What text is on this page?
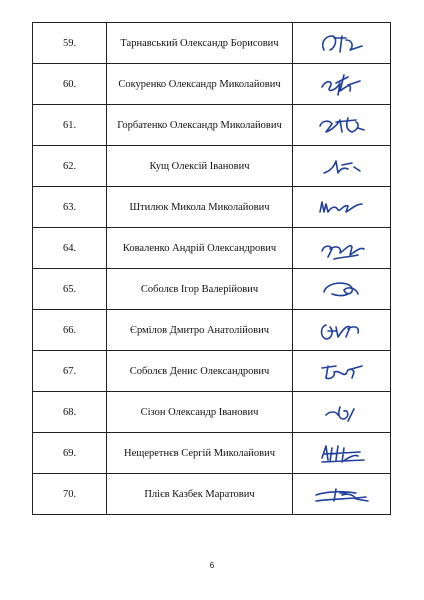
59.	Тарнавський Олександр Борисович	

60.	Сокуренко Олександр Миколайович	

61.	Горбатенко Олександр Миколайович	

62.	Кущ Олексій Іванович	

63.	Штилюк Микола Миколайович	

64.	Коваленко Андрій Олександрович	

65.	Соболєв Ігор Валерійович	

66.	Єрмілов Дмитро Анатолійович	

67.	Соболєв Денис Олександрович	

68.	Сізон Олександр Іванович	

69.	Нещеретнєв Сергій Миколайович	

70.	Плієв Казбек Маратович	
6
